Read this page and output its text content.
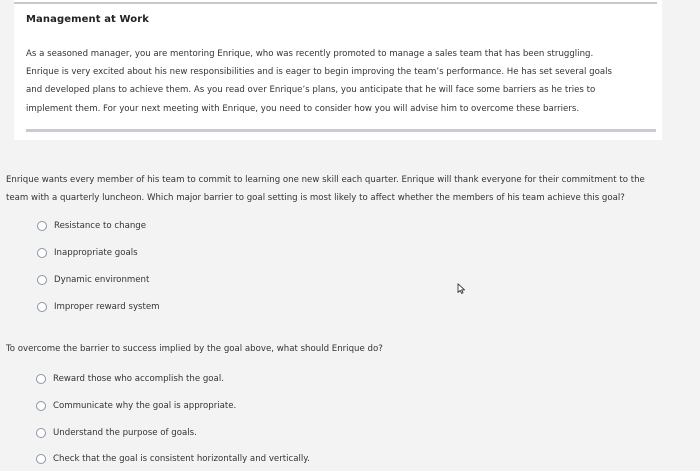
Management at Work
As a seasoned manager, you are mentoring Enrique, who was recently promoted to manage a sales team that has been struggling.
Enrique is very excited about his new responsibilities and is eager to begin improving the team’s performance. He has set several goals
and developed plans to achieve them. As you read over Enrique’s plans, you anticipate that he will face some barriers as he tries to
implement them. For your next meeting with Enrique, you need to consider how you will advise him to overcome these barriers.
Enrique wants every member of his team to commit to learning one new skill each quarter. Enrique will thank everyone for their commitment to the
team with a quarterly luncheon. Which major barrier to goal setting is most likely to affect whether the members of his team achieve this goal?
Resistance to change
Inappropriate goals
Dynamic environment
Improper reward system
To overcome the barrier to success implied by the goal above, what should Enrique do?
Reward those who accomplish the goal.
Communicate why the goal is appropriate.
Understand the purpose of goals.
Check that the goal is consistent horizontally and vertically.
